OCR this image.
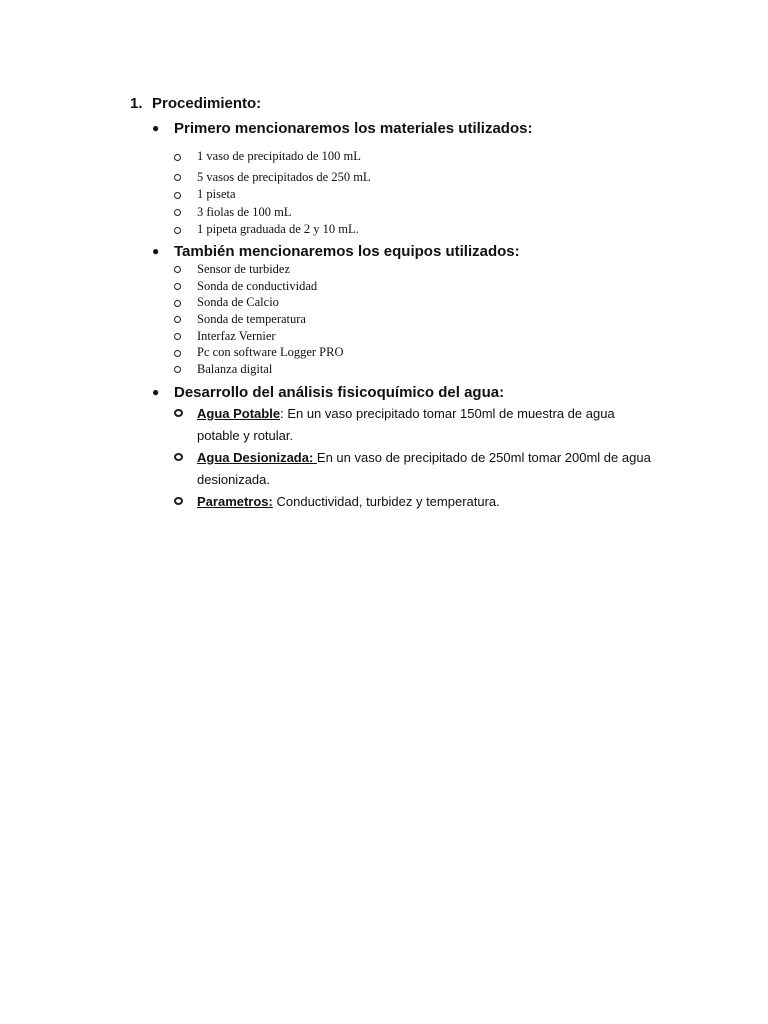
1. Procedimiento:
● Primero mencionaremos los materiales utilizados:
1 vaso de precipitado de 100 mL
5 vasos de precipitados de 250 mL
1 piseta
3 fiolas de 100 mL
1 pipeta graduada de 2 y 10 mL.
● También mencionaremos los equipos utilizados:
Sensor de turbidez
Sonda de conductividad
Sonda de Calcio
Sonda de temperatura
Interfaz Vernier
Pc con software Logger PRO
Balanza digital
● Desarrollo del análisis fisicoquímico del agua:
Agua Potable: En un vaso precipitado tomar 150ml de muestra de agua potable y rotular.
Agua Desionizada: En un vaso de precipitado de 250ml tomar 200ml de agua desionizada.
Parametros: Conductividad, turbidez y temperatura.
